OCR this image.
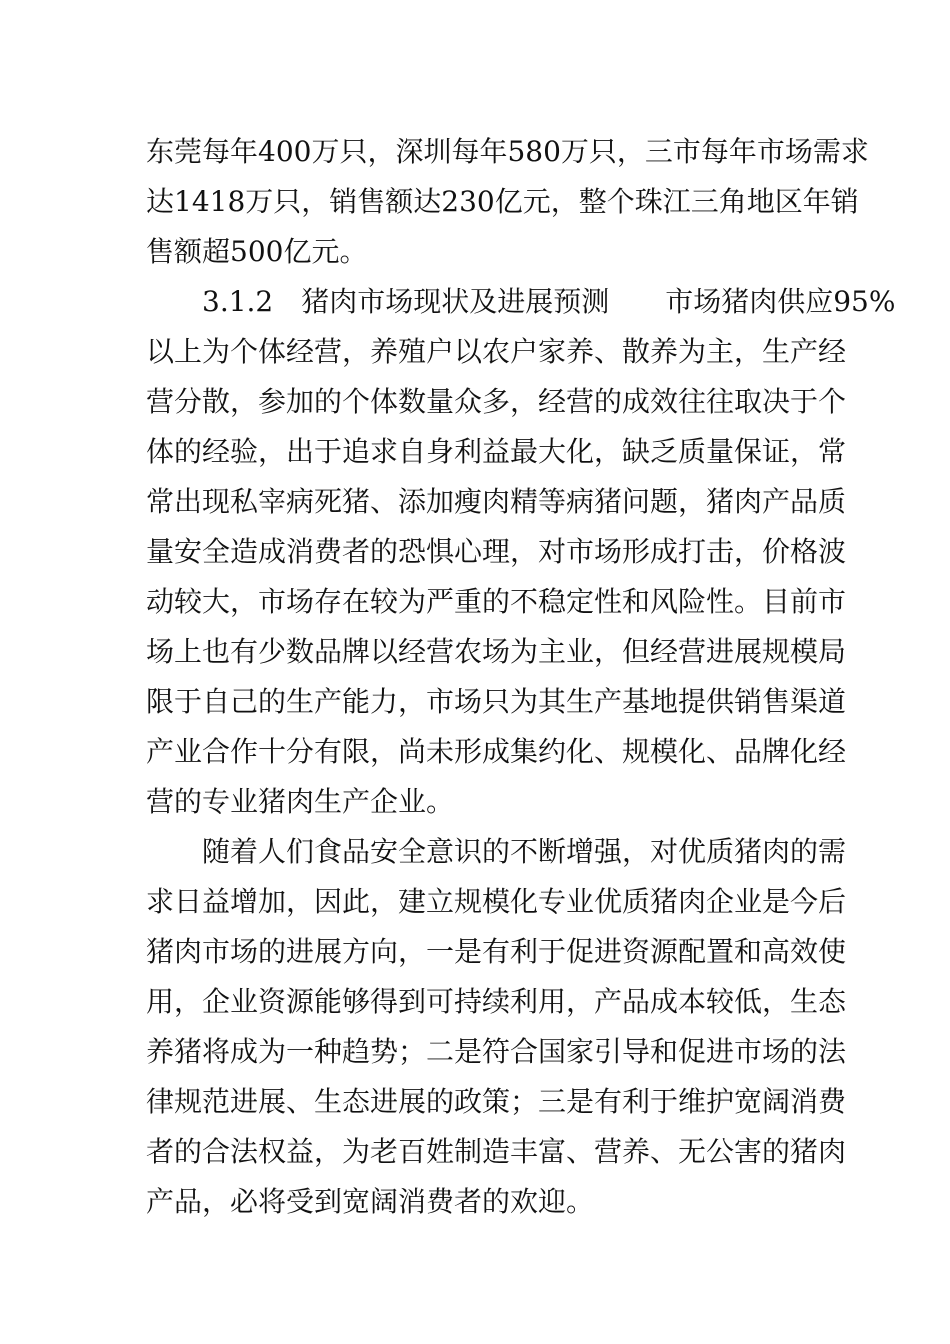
东莞每年400万只，深圳每年580万只，三市每年市场需求
达1418万只，销售额达230亿元，整个珠江三角地区年销
售额超500亿元。
3.1.2　猪肉市场现状及进展预测　　市场猪肉供应95%
以上为个体经营，养殖户以农户家养、散养为主，生产经
营分散，参加的个体数量众多，经营的成效往往取决于个
体的经验，出于追求自身利益最大化，缺乏质量保证，常
常出现私宰病死猪、添加瘦肉精等病猪问题，猪肉产品质
量安全造成消费者的恐惧心理，对市场形成打击，价格波
动较大，市场存在较为严重的不稳定性和风险性。目前市
场上也有少数品牌以经营农场为主业，但经营进展规模局
限于自己的生产能力，市场只为其生产基地提供销售渠道
产业合作十分有限，尚未形成集约化、规模化、品牌化经
营的专业猪肉生产企业。
随着人们食品安全意识的不断增强，对优质猪肉的需
求日益增加，因此，建立规模化专业优质猪肉企业是今后
猪肉市场的进展方向，一是有利于促进资源配置和高效使
用，企业资源能够得到可持续利用，产品成本较低，生态
养猪将成为一种趋势；二是符合国家引导和促进市场的法
律规范进展、生态进展的政策；三是有利于维护宽阔消费
者的合法权益，为老百姓制造丰富、营养、无公害的猪肉
产品，必将受到宽阔消费者的欢迎。
